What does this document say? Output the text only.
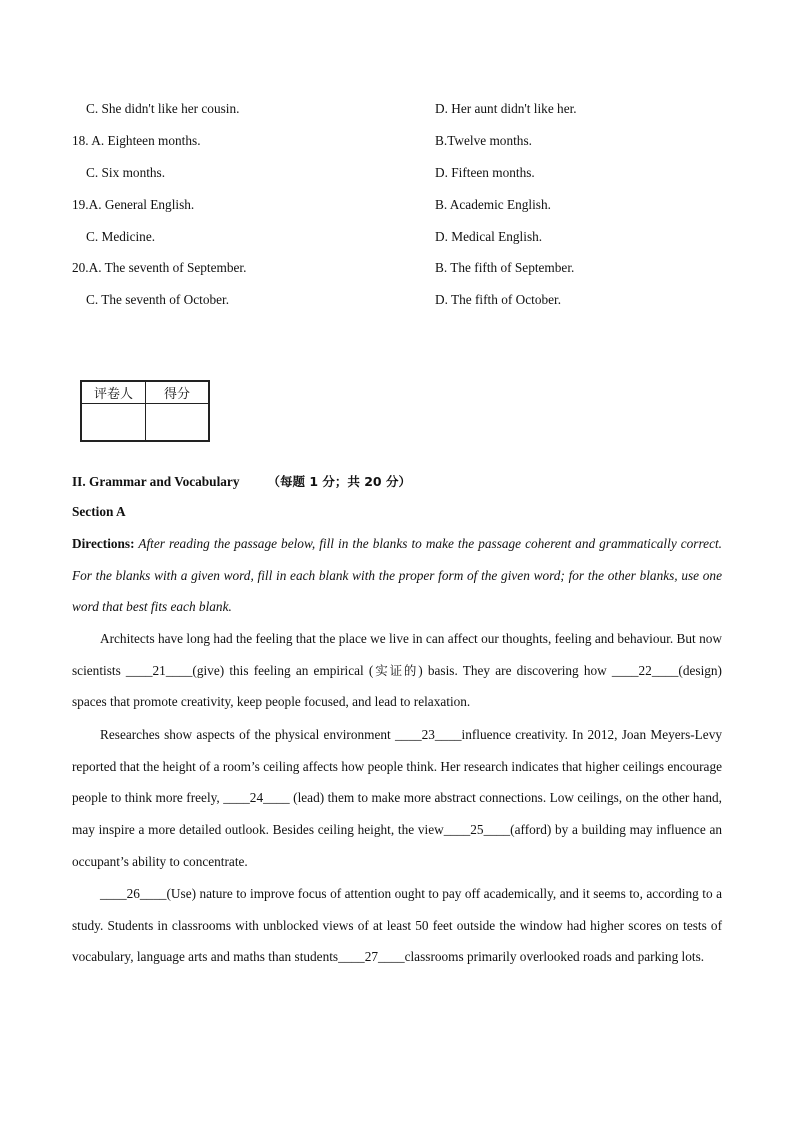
C. She didn't like her cousin.	D. Her aunt didn't like her.
18. A. Eighteen months.	B.Twelve months.
C. Six months.	D. Fifteen months.
19.A. General English.	B. Academic English.
C. Medicine.	D. Medical English.
20.A. The seventh of September.	B. The fifth of September.
C. The seventh of October.	D. The fifth of October.
评卷人	得分
II. Grammar and Vocabulary （每题 1 分；共 20 分）
Section A
Directions: After reading the passage below, fill in the blanks to make the passage coherent and grammatically correct. For the blanks with a given word, fill in each blank with the proper form of the given word; for the other blanks, use one word that best fits each blank.
Architects have long had the feeling that the place we live in can affect our thoughts, feeling and behaviour. But now scientists ____21____(give) this feeling an empirical (实证的) basis. They are discovering how ____22____(design) spaces that promote creativity, keep people focused, and lead to relaxation.
Researches show aspects of the physical environment ____23____influence creativity. In 2012, Joan Meyers-Levy reported that the height of a room’s ceiling affects how people think. Her research indicates that higher ceilings encourage people to think more freely, ____24____ (lead) them to make more abstract connections. Low ceilings, on the other hand, may inspire a more detailed outlook. Besides ceiling height, the view____25____(afford) by a building may influence an occupant’s ability to concentrate.
____26____(Use) nature to improve focus of attention ought to pay off academically, and it seems to, according to a study. Students in classrooms with unblocked views of at least 50 feet outside the window had higher scores on tests of vocabulary, language arts and maths than students____27____classrooms primarily overlooked roads and parking lots.
